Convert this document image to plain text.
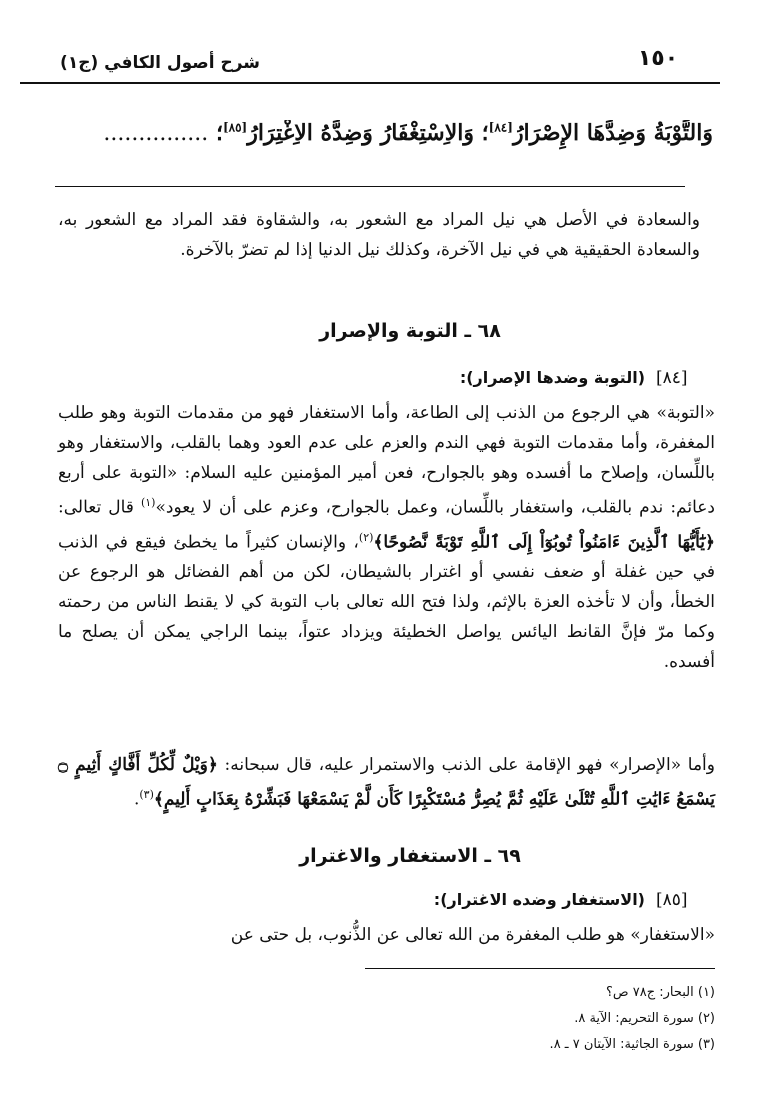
١٥٠
شرح أصول الكافي (ج١)
وَالتَّوْبَةُ وَضِدَّهَا الإِصْرَارُ[٨٤]؛ وَالاِسْتِغْفَارُ وَضِدَّهُ الاِغْتِرَارُ[٨٥]؛ ...............
والسعادة في الأصل هي نيل المراد مع الشعور به، والشقاوة فقد المراد مع الشعور به، والسعادة الحقيقية هي في نيل الآخرة، وكذلك نيل الدنيا إذا لم تضرّ بالآخرة.
٦٨ ـ التوبة والإصرار
[٨٤]
(التوبة وضدها الإصرار):
«التوبة» هي الرجوع من الذنب إلى الطاعة، وأما الاستغفار فهو من مقدمات التوبة وهو طلب المغفرة، وأما مقدمات التوبة فهي الندم والعزم على عدم العود وهما بالقلب، والاستغفار وهو باللِّسان، وإصلاح ما أفسده وهو بالجوارح، فعن أمير المؤمنين عليه السلام: «التوبة على أربع دعائم: ندم بالقلب، واستغفار باللِّسان، وعمل بالجوارح، وعزم على أن لا يعود»$^{(١)}$ قال تعالى: ﴿يَٰٓأَيُّهَا ٱلَّذِينَ ءَامَنُواْ تُوبُوٓاْ إِلَى ٱللَّهِ تَوْبَةً نَّصُوحًا﴾$^{(٢)}$، والإنسان كثيراً ما يخطئ فيقع في الذنب في حين غفلة أو ضعف نفسي أو اغترار بالشيطان، لكن من أهم الفضائل هو الرجوع عن الخطأ، وأن لا تأخذه العزة بالإثم، ولذا فتح الله تعالى باب التوبة كي لا يقنط الناس من رحمته وكما مرّ فإنَّ القانط اليائس يواصل الخطيئة ويزداد عتواً، بينما الراجي يمكن أن يصلح ما أفسده.
وأما «الإصرار» فهو الإقامة على الذنب والاستمرار عليه، قال سبحانه: ﴿وَيْلٌ لِّكُلِّ أَفَّاكٍ أَثِيمٍ ۝ يَسْمَعُ ءَايَٰتِ ٱللَّهِ تُتْلَىٰ عَلَيْهِ ثُمَّ يُصِرُّ مُسْتَكْبِرًا كَأَن لَّمْ يَسْمَعْهَا فَبَشِّرْهُ بِعَذَابٍ أَلِيمٍ﴾$^{(٣)}$.
٦٩ ـ الاستغفار والاغترار
[٨٥]
(الاستغفار وضده الاغترار):
«الاستغفار» هو طلب المغفرة من الله تعالى عن الذُّنوب، بل حتى عن
(١) البحار: ج٧٨ ص؟
(٢) سورة التحريم: الآية ٨.
(٣) سورة الجاثية: الآيتان ٧ ـ ٨.
